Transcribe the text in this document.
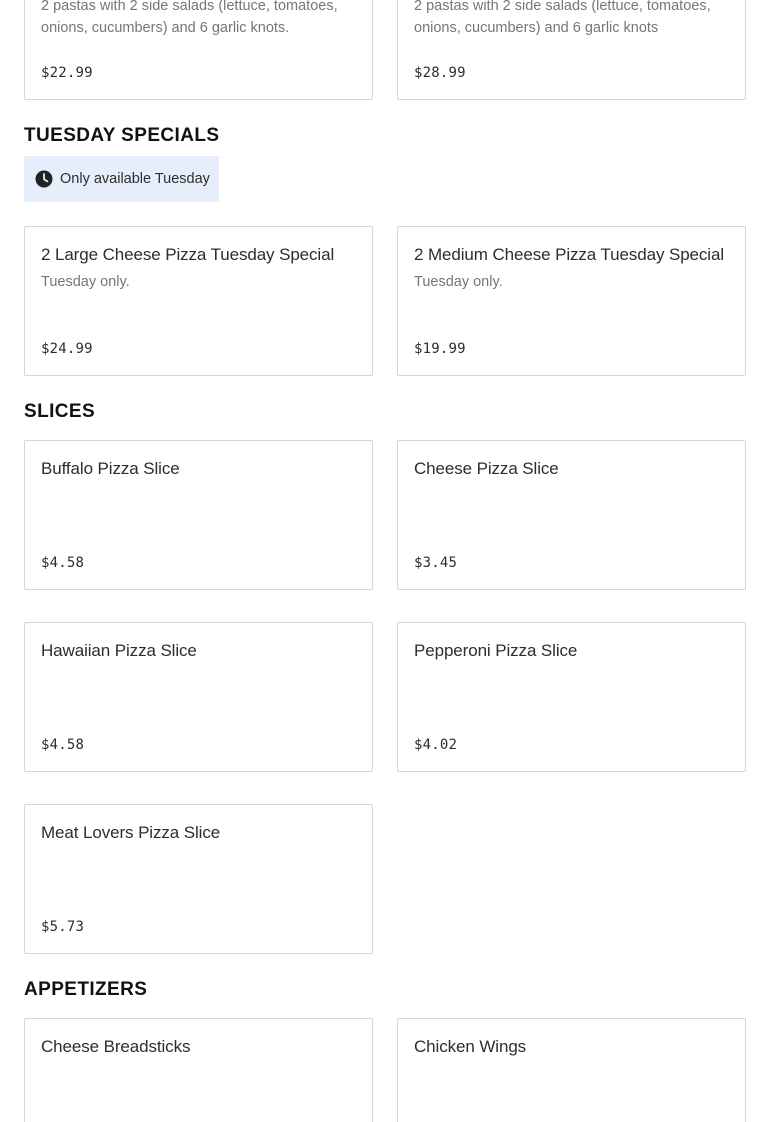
2 pastas with 2 side salads (lettuce, tomatoes, onions, cucumbers) and 6 garlic knots.
$22.99
2 pastas with 2 side salads (lettuce, tomatoes, onions, cucumbers) and 6 garlic knots
$28.99
TUESDAY SPECIALS
Only available Tuesday
2 Large Cheese Pizza Tuesday Special
Tuesday only.
$24.99
2 Medium Cheese Pizza Tuesday Special
Tuesday only.
$19.99
SLICES
Buffalo Pizza Slice
$4.58
Cheese Pizza Slice
$3.45
Hawaiian Pizza Slice
$4.58
Pepperoni Pizza Slice
$4.02
Meat Lovers Pizza Slice
$5.73
APPETIZERS
Cheese Breadsticks	Chicken Wings
